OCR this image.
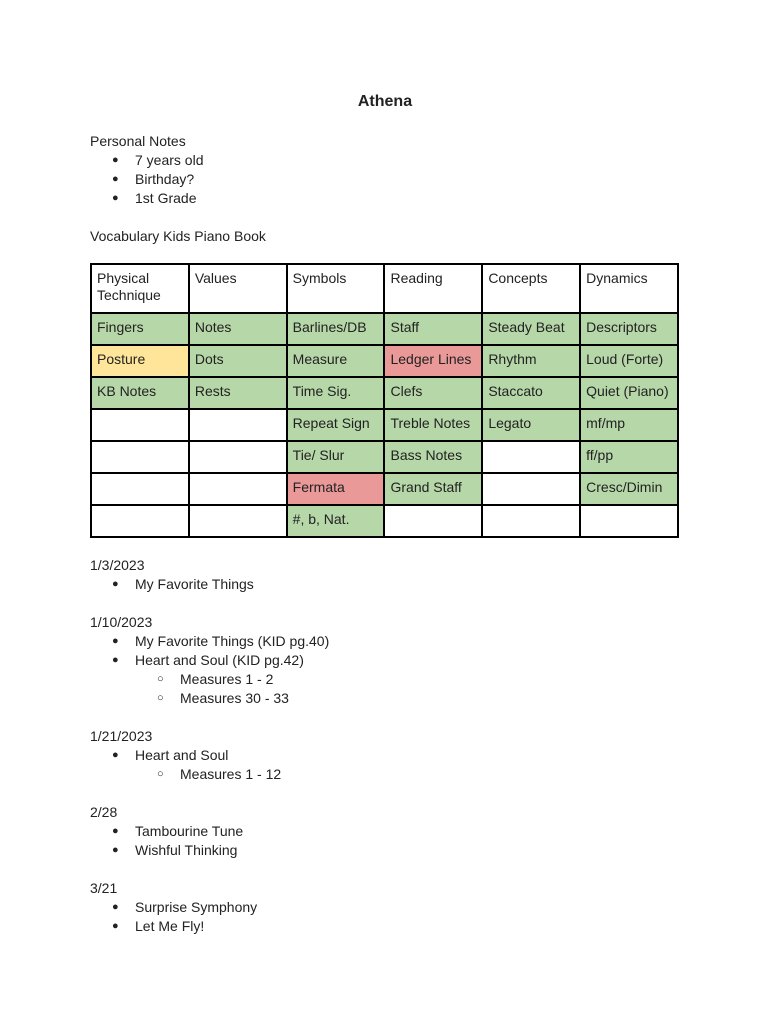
Athena

Personal Notes

● 7 years old
● Birthday?
● 1st Grade

Vocabulary Kids Piano Book

Physical Technique	Values	Symbols	Reading	Concepts	Dynamics
Fingers	Notes	Barlines/DB	Staff	Steady Beat	Descriptors
Posture	Dots	Measure	Ledger Lines	Rhythm	Loud (Forte)
KB Notes	Rests	Time Sig.	Clefs	Staccato	Quiet (Piano)
		Repeat Sign	Treble Notes	Legato	mf/mp
		Tie/ Slur	Bass Notes		ff/pp
		Fermata	Grand Staff		Cresc/Dimin
		#, b, Nat.			

1/3/2023

● My Favorite Things

1/10/2023

● My Favorite Things (KID pg.40)
● Heart and Soul (KID pg.42)
○ Measures 1 - 2
○ Measures 30 - 33

1/21/2023

● Heart and Soul
○ Measures 1 - 12

2/28

● Tambourine Tune
● Wishful Thinking

3/21

● Surprise Symphony
● Let Me Fly!
